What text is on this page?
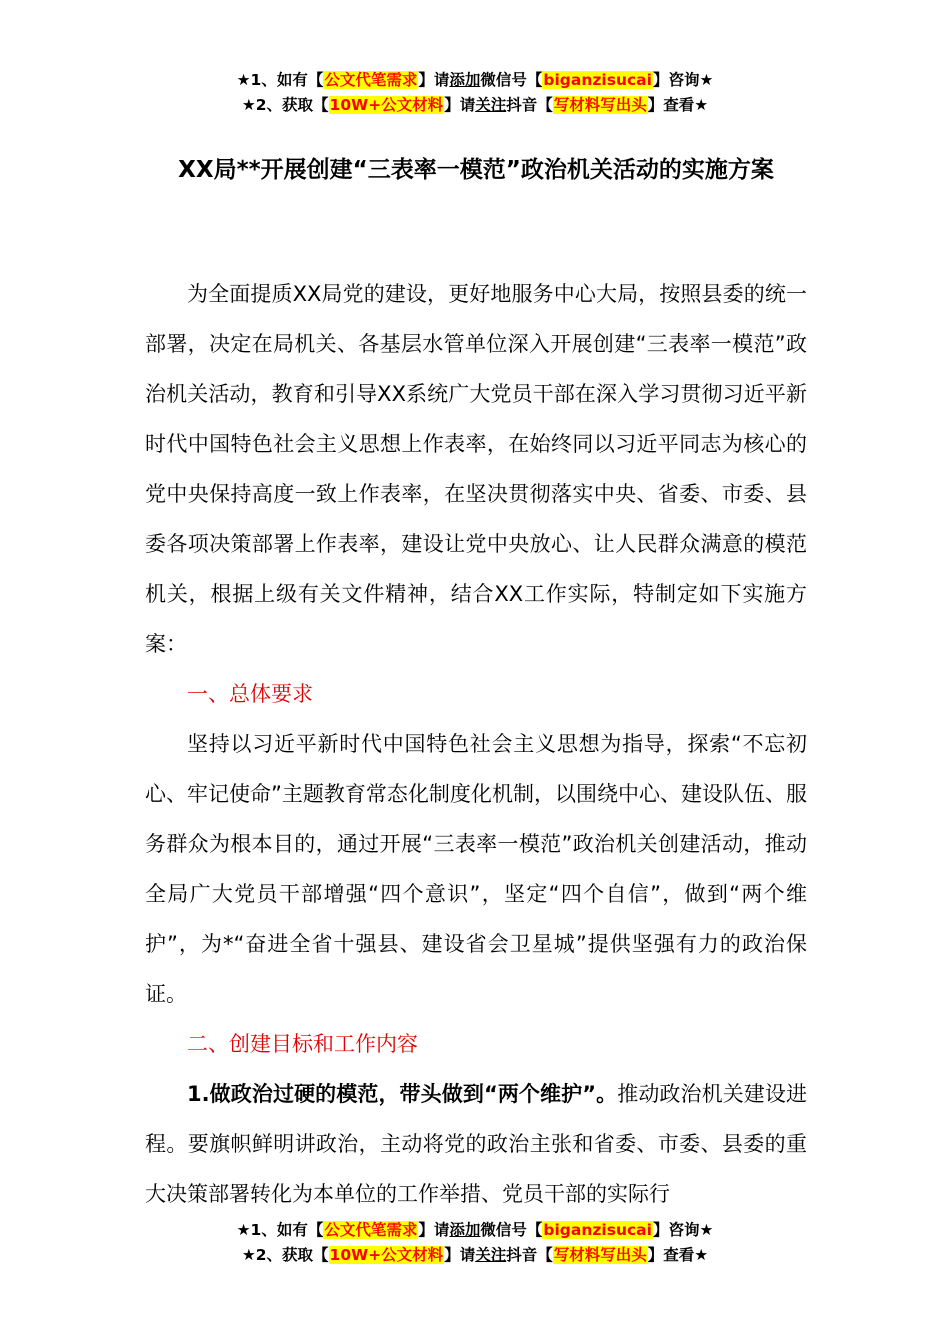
★1、如有【公文代笔需求】请添加微信号【biganzisucai】咨询★
★2、获取【10W+公文材料】请关注抖音【写材料写出头】查看★
XX局**开展创建“三表率一模范”政治机关活动的实施方案

为全面提质XX局党的建设，更好地服务中心大局，按照县委的统一部署，决定在局机关、各基层水管单位深入开展创建“三表率一模范”政治机关活动，教育和引导XX系统广大党员干部在深入学习贯彻习近平新时代中国特色社会主义思想上作表率，在始终同以习近平同志为核心的党中央保持高度一致上作表率，在坚决贯彻落实中央、省委、市委、县委各项决策部署上作表率，建设让党中央放心、让人民群众满意的模范机关，根据上级有关文件精神，结合XX工作实际，特制定如下实施方案：

一、总体要求

坚持以习近平新时代中国特色社会主义思想为指导，探索“不忘初心、牢记使命”主题教育常态化制度化机制，以围绕中心、建设队伍、服务群众为根本目的，通过开展“三表率一模范”政治机关创建活动，推动全局广大党员干部增强“四个意识”，坚定“四个自信”，做到“两个维护”，为*“奋进全省十强县、建设省会卫星城”提供坚强有力的政治保证。

二、创建目标和工作内容

1.做政治过硬的模范，带头做到“两个维护”。推动政治机关建设进程。要旗帜鲜明讲政治，主动将党的政治主张和省委、市委、县委的重大决策部署转化为本单位的工作举措、党员干部的实际行

★1、如有【公文代笔需求】请添加微信号【biganzisucai】咨询★
★2、获取【10W+公文材料】请关注抖音【写材料写出头】查看★
